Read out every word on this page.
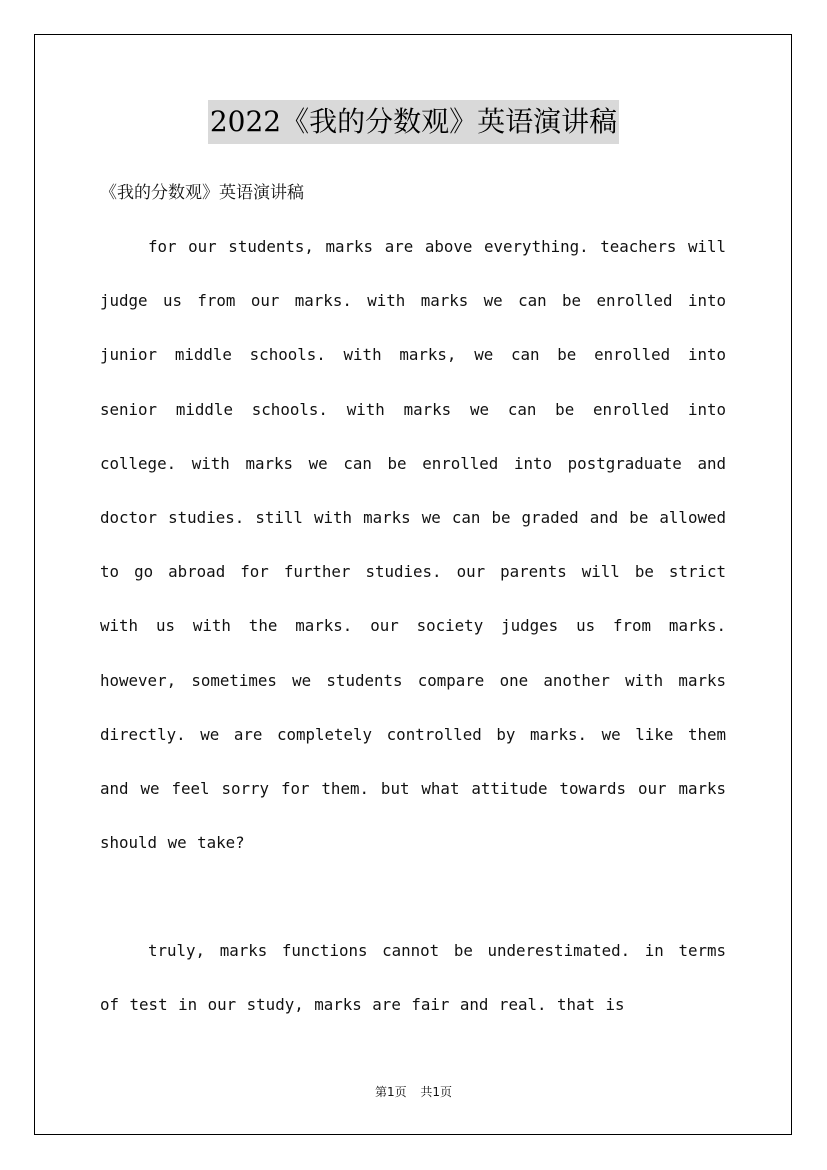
2022《我的分数观》英语演讲稿
《我的分数观》英语演讲稿

for our students, marks are above everything. teachers will judge us from our marks. with marks we can be enrolled into junior middle schools. with marks, we can be enrolled into senior middle schools. with marks we can be enrolled into college. with marks we can be enrolled into postgraduate and doctor studies. still with marks we can be graded and be allowed to go abroad for further studies. our parents will be strict with us with the marks. our society judges us from marks. however, sometimes we students compare one another with marks directly. we are completely controlled by marks. we like them and we feel sorry for them. but what attitude towards our marks should we take?

truly, marks functions cannot be underestimated. in terms of test in our study, marks are fair and real. that is

第1页 共1页
